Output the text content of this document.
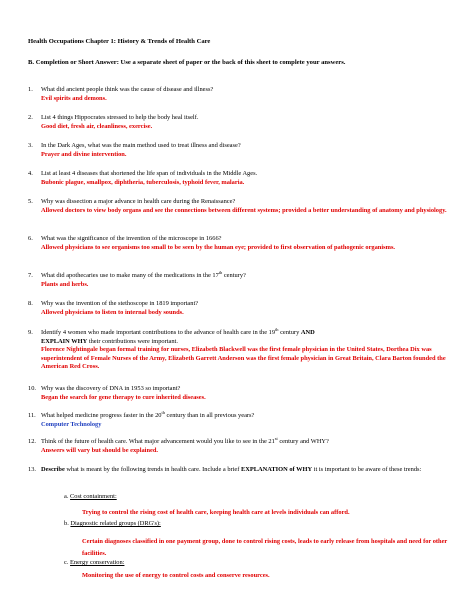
Health Occupations Chapter 1: History & Trends of Health Care
B. Completion or Short Answer: Use a separate sheet of paper or the back of this sheet to complete your answers.
1. What did ancient people think was the cause of disease and illness?
Evil spirits and demons.
2. List 4 things Hippocrates stressed to help the body heal itself.
Good diet, fresh air, cleanliness, exercise.
3. In the Dark Ages, what was the main method used to treat illness and disease?
Prayer and divine intervention.
4. List at least 4 diseases that shortened the life span of individuals in the Middle Ages.
Bubonic plague, smallpox, diphtheria, tuberculosis, typhoid fever, malaria.
5. Why was dissection a major advance in health care during the Renaissance?
Allowed doctors to view body organs and see the connections between different systems; provided a better understanding of anatomy and physiology.
6. What was the significance of the invention of the microscope in 1666?
Allowed physicians to see organisms too small to be seen by the human eye; provided to first observation of pathogenic organisms.
7. What did apothecaries use to make many of the medications in the 17th century?
Plants and herbs.
8. Why was the invention of the stethoscope in 1819 important?
Allowed physicians to listen to internal body sounds.
9. Identify 4 women who made important contributions to the advance of health care in the 19th century AND
EXPLAIN WHY their contributions were important.
Florence Nightingale began formal training for nurses, Elizabeth Blackwell was the first female physician in the United States, Dorthea Dix was superintendent of Female Nurses of the Army, Elizabeth Garrett Anderson was the first female physician in Great Britain, Clara Barton founded the American Red Cross.
10. Why was the discovery of DNA in 1953 so important?
Began the search for gene therapy to cure inherited diseases.
11. What helped medicine progress faster in the 20th century than in all previous years?
Computer Technology
12. Think of the future of health care. What major advancement would you like to see in the 21st century and WHY?
Answers will vary but should be explained.
13. Describe what is meant by the following trends in health care. Include a brief EXPLANATION of WHY it is important to be aware of these trends:
a. Cost containment:
Trying to control the rising cost of health care, keeping health care at levels individuals can afford.
b. Diagnostic related groups (DRG's):
Certain diagnoses classified in one payment group, done to control rising costs, leads to early release from hospitals and need for other facilities.
c. Energy conservation:
Monitoring the use of energy to control costs and conserve resources.
